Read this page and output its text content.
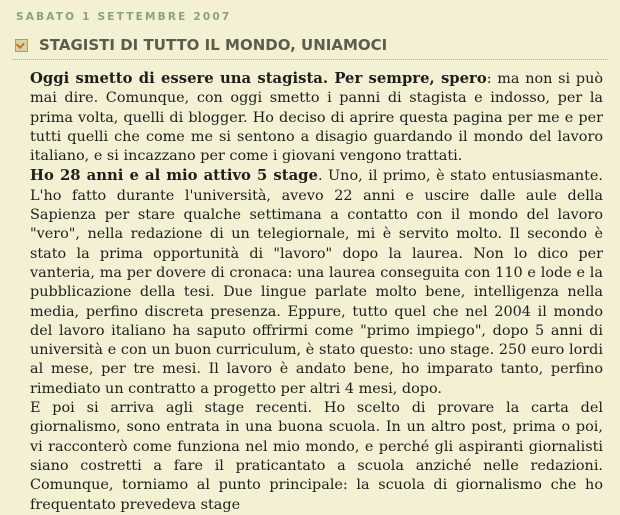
SABATO 1 SETTEMBRE 2007
STAGISTI DI TUTTO IL MONDO, UNIAMOCI

Oggi smetto di essere una stagista. Per sempre, spero: ma non si può mai dire. Comunque, con oggi smetto i panni di stagista e indosso, per la prima volta, quelli di blogger. Ho deciso di aprire questa pagina per me e per tutti quelli che come me si sentono a disagio guardando il mondo del lavoro italiano, e si incazzano per come i giovani vengono trattati.

Ho 28 anni e al mio attivo 5 stage. Uno, il primo, è stato entusiasmante. L'ho fatto durante l'università, avevo 22 anni e uscire dalle aule della Sapienza per stare qualche settimana a contatto con il mondo del lavoro "vero", nella redazione di un telegiornale, mi è servito molto. Il secondo è stato la prima opportunità di "lavoro" dopo la laurea. Non lo dico per vanteria, ma per dovere di cronaca: una laurea conseguita con 110 e lode e la pubblicazione della tesi. Due lingue parlate molto bene, intelligenza nella media, perfino discreta presenza. Eppure, tutto quel che nel 2004 il mondo del lavoro italiano ha saputo offrirmi come "primo impiego", dopo 5 anni di università e con un buon curriculum, è stato questo: uno stage. 250 euro lordi al mese, per tre mesi. Il lavoro è andato bene, ho imparato tanto, perfino rimediato un contratto a progetto per altri 4 mesi, dopo.

E poi si arriva agli stage recenti. Ho scelto di provare la carta del giornalismo, sono entrata in una buona scuola. In un altro post, prima o poi, vi racconterò come funziona nel mio mondo, e perché gli aspiranti giornalisti siano costretti a fare il praticantato a scuola anziché nelle redazioni. Comunque, torniamo al punto principale: la scuola di giornalismo che ho frequentato prevedeva stage
